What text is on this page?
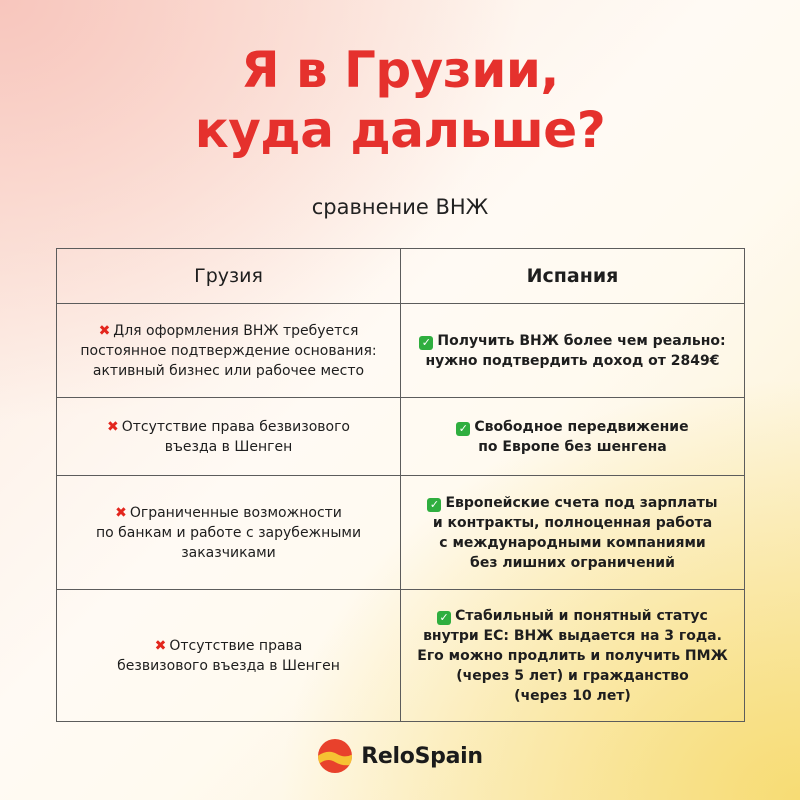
Я в Грузии,
куда дальше?
сравнение ВНЖ
Грузия	Испания
✖ Для оформления ВНЖ требуется
постоянное подтверждение основания:
активный бизнес или рабочее место	✓ Получить ВНЖ более чем реально:
нужно подтвердить доход от 2849€
✖ Отсутствие права безвизового
въезда в Шенген	✓ Свободное передвижение
по Европе без шенгена
✖ Ограниченные возможности
по банкам и работе с зарубежными
заказчиками	✓ Европейские счета под зарплаты
и контракты, полноценная работа
с международными компаниями
без лишних ограничений
✖ Отсутствие права
безвизового въезда в Шенген	✓ Стабильный и понятный статус
внутри ЕС: ВНЖ выдается на 3 года.
Его можно продлить и получить ПМЖ
(через 5 лет) и гражданство
(через 10 лет)
ReloSpain
